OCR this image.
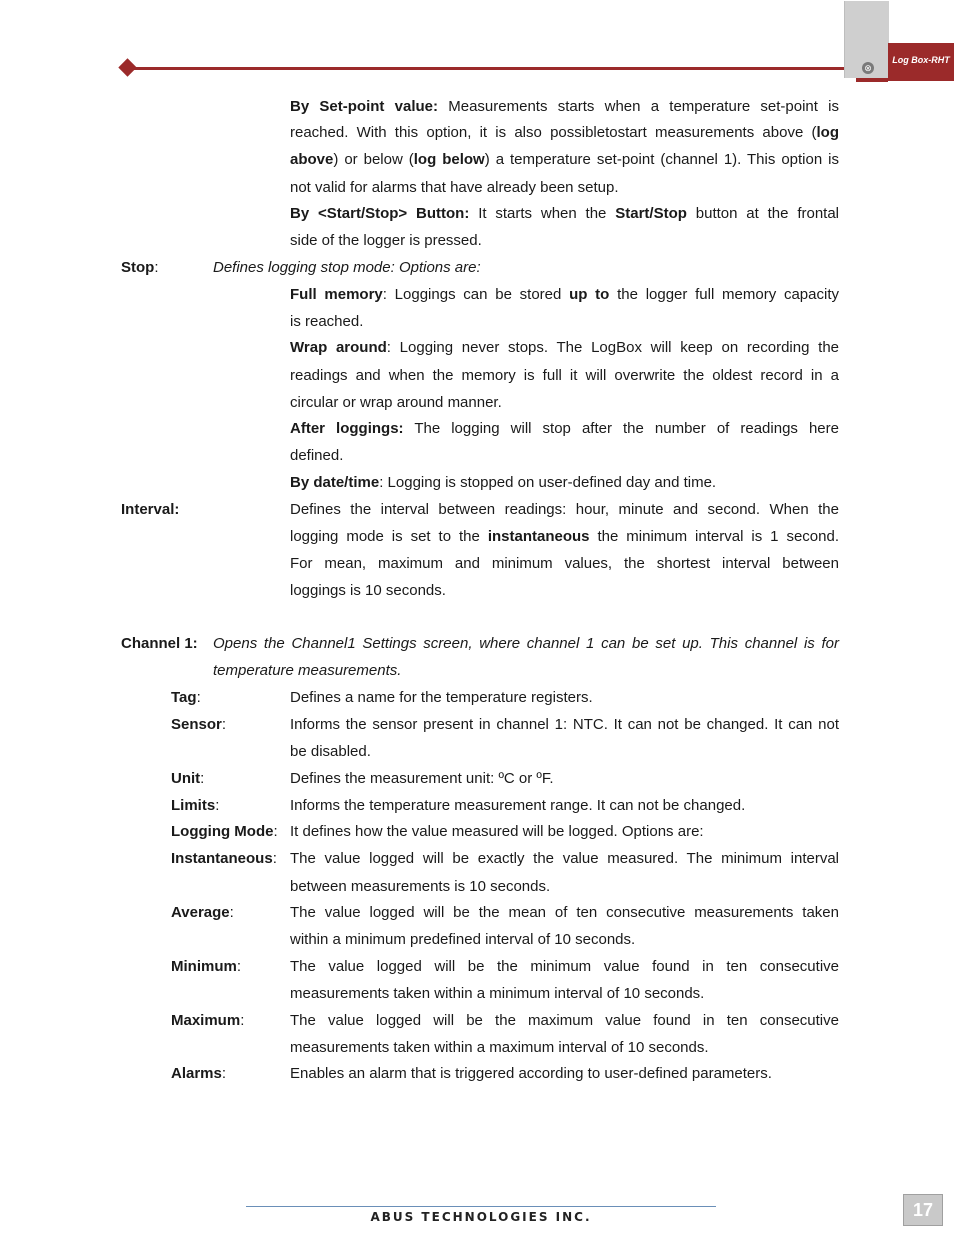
⊗
Log Box-RHT
By Set-point value: Measurements starts when a temperature set-point is
reached. With this option, it is also possibletostart measurements above (log
above) or below (log below) a temperature set-point (channel 1). This option is
not valid for alarms that have already been setup.
By <Start/Stop> Button: It starts when the Start/Stop button at the frontal
side of the logger is pressed.
Stop:	Defines logging stop mode: Options are:
Full memory: Loggings can be stored up to the logger full memory capacity
is reached.
Wrap around: Logging never stops. The LogBox will keep on recording the
readings and when the memory is full it will overwrite the oldest record in a
circular or wrap around manner.
After loggings: The logging will stop after the number of readings here
defined.
By date/time: Logging is stopped on user-defined day and time.
Interval:	Defines the interval between readings: hour, minute and second. When the
logging mode is set to the instantaneous the minimum interval is 1 second.
For mean, maximum and minimum values, the shortest interval between
loggings is 10 seconds.
Channel 1: Opens the Channel1 Settings screen, where channel 1 can be set up. This channel is for
temperature measurements.
Tag:	Defines a name for the temperature registers.
Sensor:	Informs the sensor present in channel 1: NTC. It can not be changed. It can not
be disabled.
Unit:	Defines the measurement unit: ºC or ºF.
Limits:	Informs the temperature measurement range. It can not be changed.
Logging Mode: It defines how the value measured will be logged. Options are:
Instantaneous: The value logged will be exactly the value measured. The minimum interval
between measurements is 10 seconds.
Average:	The value logged will be the mean of ten consecutive measurements taken
within a minimum predefined interval of 10 seconds.
Minimum:	The value logged will be the minimum value found in ten consecutive
measurements taken within a minimum interval of 10 seconds.
Maximum:	The value logged will be the maximum value found in ten consecutive
measurements taken within a maximum interval of 10 seconds.
Alarms:	Enables an alarm that is triggered according to user-defined parameters.
ABUS TECHNOLOGIES INC.	17
